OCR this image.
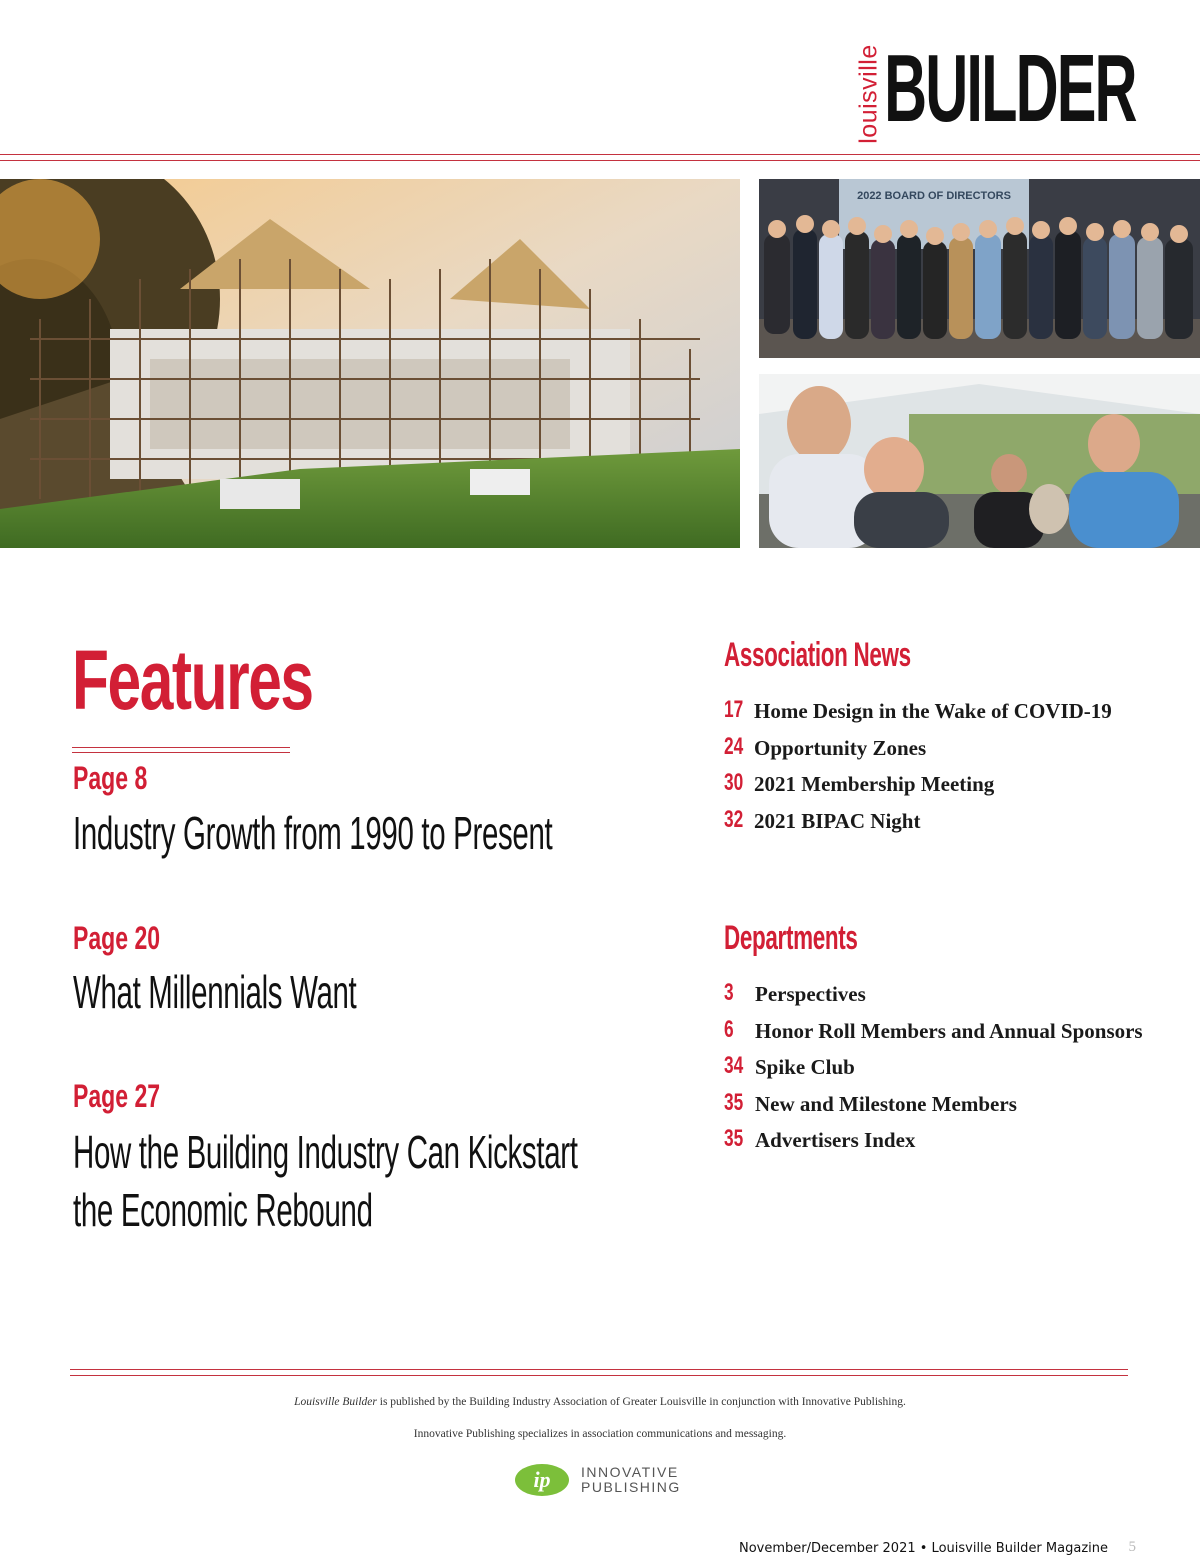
louisville BUILDER
2022 BOARD OF DIRECTORS
Features
Page 8
Industry Growth from 1990 to Present
Page 20
What Millennials Want
Page 27
How the Building Industry Can Kickstart
the Economic Rebound
Association News
17 Home Design in the Wake of COVID-19
24 Opportunity Zones
30 2021 Membership Meeting
32 2021 BIPAC Night
Departments
3 Perspectives
6 Honor Roll Members and Annual Sponsors
34 Spike Club
35 New and Milestone Members
35 Advertisers Index
Louisville Builder is published by the Building Industry Association of Greater Louisville in conjunction with Innovative Publishing.
Innovative Publishing specializes in association communications and messaging.
ip INNOVATIVE
PUBLISHING
November/December 2021 • Louisville Builder Magazine 5
